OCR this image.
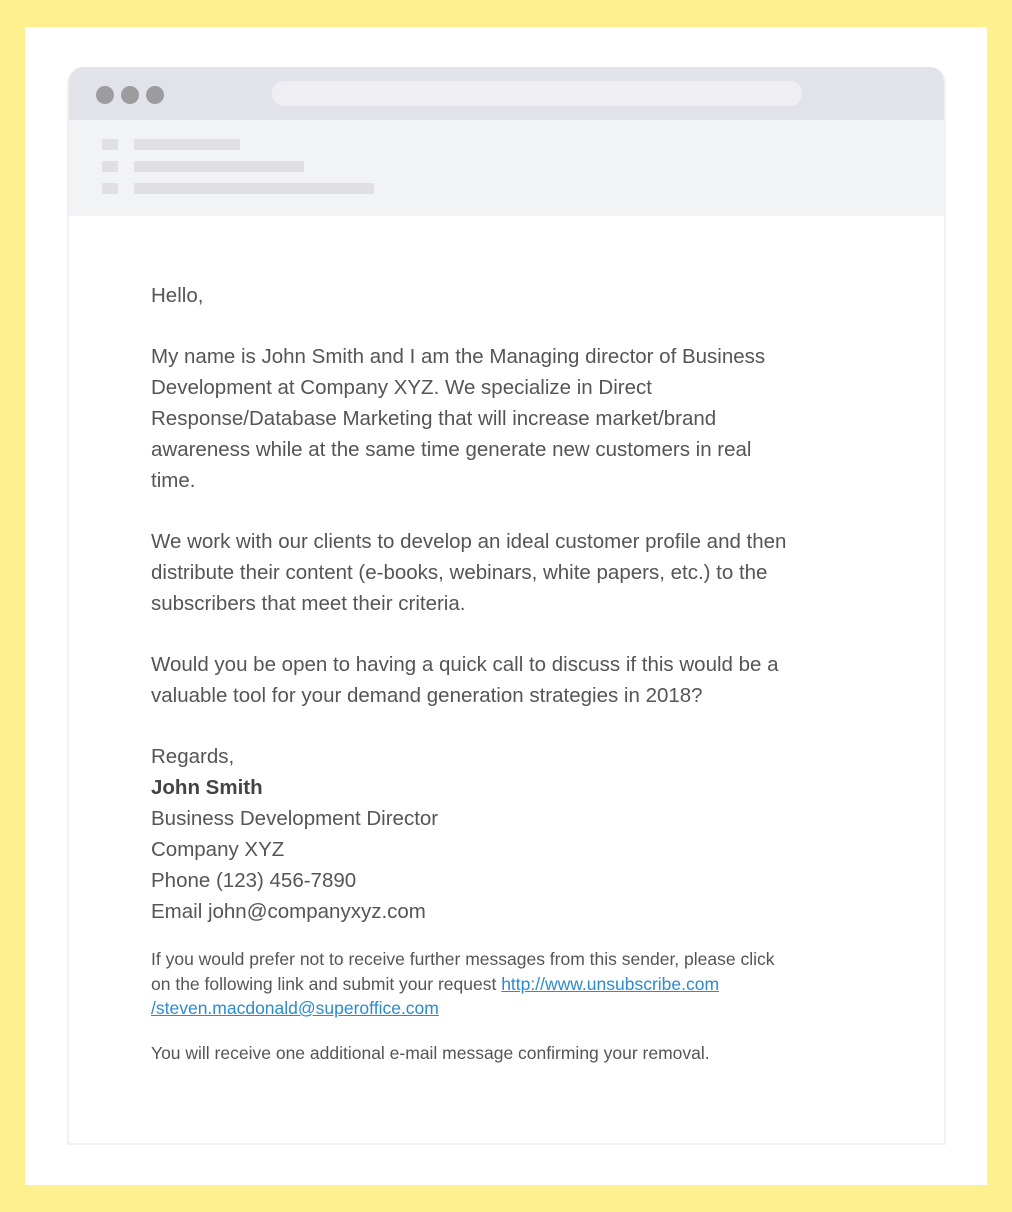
Hello,
My name is John Smith and I am the Managing director of Business
Development at Company XYZ. We specialize in Direct
Response/Database Marketing that will increase market/brand
awareness while at the same time generate new customers in real
time.
We work with our clients to develop an ideal customer profile and then
distribute their content (e-books, webinars, white papers, etc.) to the
subscribers that meet their criteria.
Would you be open to having a quick call to discuss if this would be a
valuable tool for your demand generation strategies in 2018?
Regards,
John Smith
Business Development Director
Company XYZ
Phone (123) 456-7890
Email john@companyxyz.com
If you would prefer not to receive further messages from this sender, please click
on the following link and submit your request http://www.unsubscribe.com
/steven.macdonald@superoffice.com
You will receive one additional e-mail message confirming your removal.
